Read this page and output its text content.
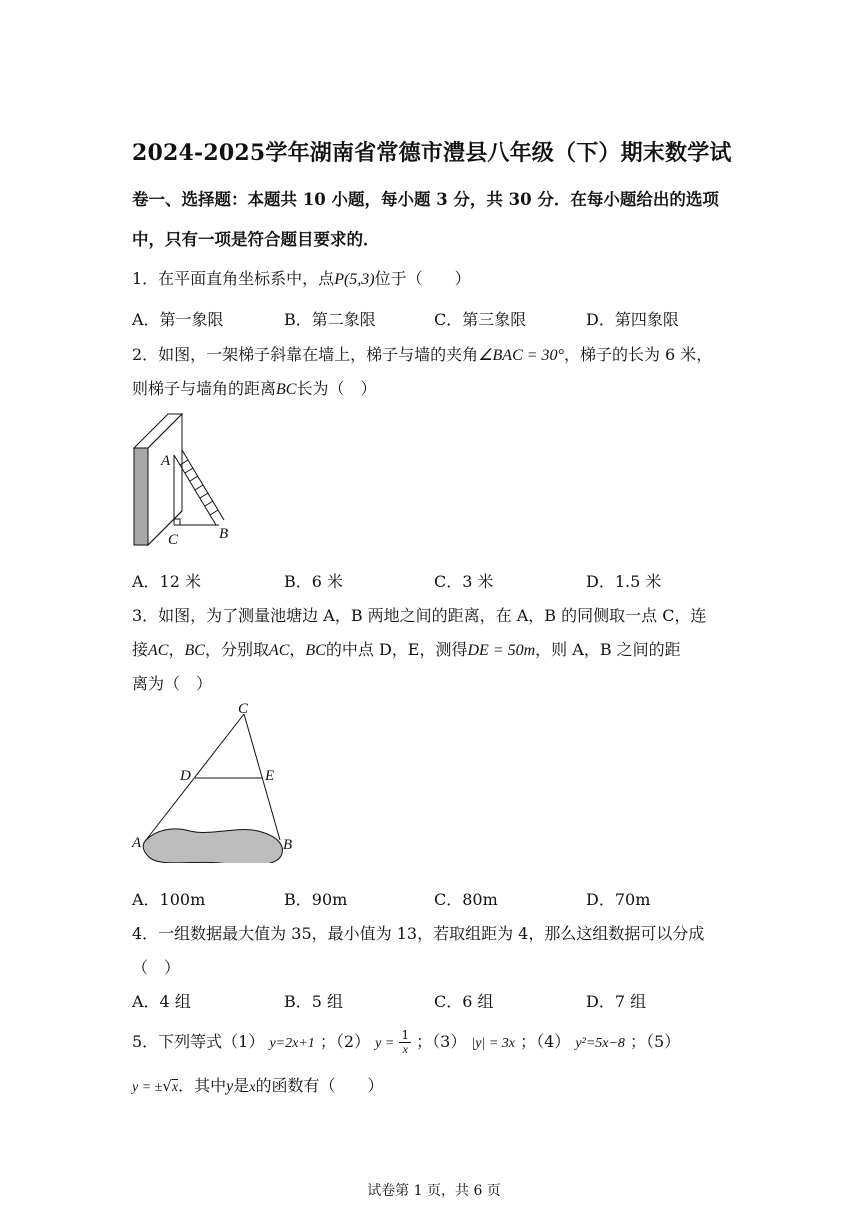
2024-2025学年湖南省常德市澧县八年级（下）期末数学试
卷一、选择题：本题共 10 小题，每小题 3 分，共 30 分．在每小题给出的选项
中，只有一项是符合题目要求的．
1．在平面直角坐标系中，点P(5,3)位于（　　）
A．第一象限	B．第二象限	C．第三象限	D．第四象限
2．如图，一架梯子斜靠在墙上，梯子与墙的夹角∠BAC = 30°，梯子的长为 6 米，
则梯子与墙角的距离BC长为（　）
A
C	B
A．12 米	B．6 米	C．3 米	D．1.5 米
3．如图，为了测量池塘边 A，B 两地之间的距离，在 A，B 的同侧取一点 C，连
接AC，BC，分别取AC，BC的中点 D，E，测得DE = 50m，则 A，B 之间的距
离为（　）
C
D	E
A	B
A．100m	B．90m	C．80m	D．70m
4．一组数据最大值为 35，最小值为 13，若取组距为 4，那么这组数据可以分成
（　）
A．4 组	B．5 组	C．6 组	D．7 组
5．下列等式（1） y=2x+1 ；（2） $y = \frac{1}{x}$ ；（3） |y| = 3x ；（4） y²=5x−8 ；（5）
y = ±√x．其中y是x的函数有（　　）
试卷第 1 页，共 6 页
